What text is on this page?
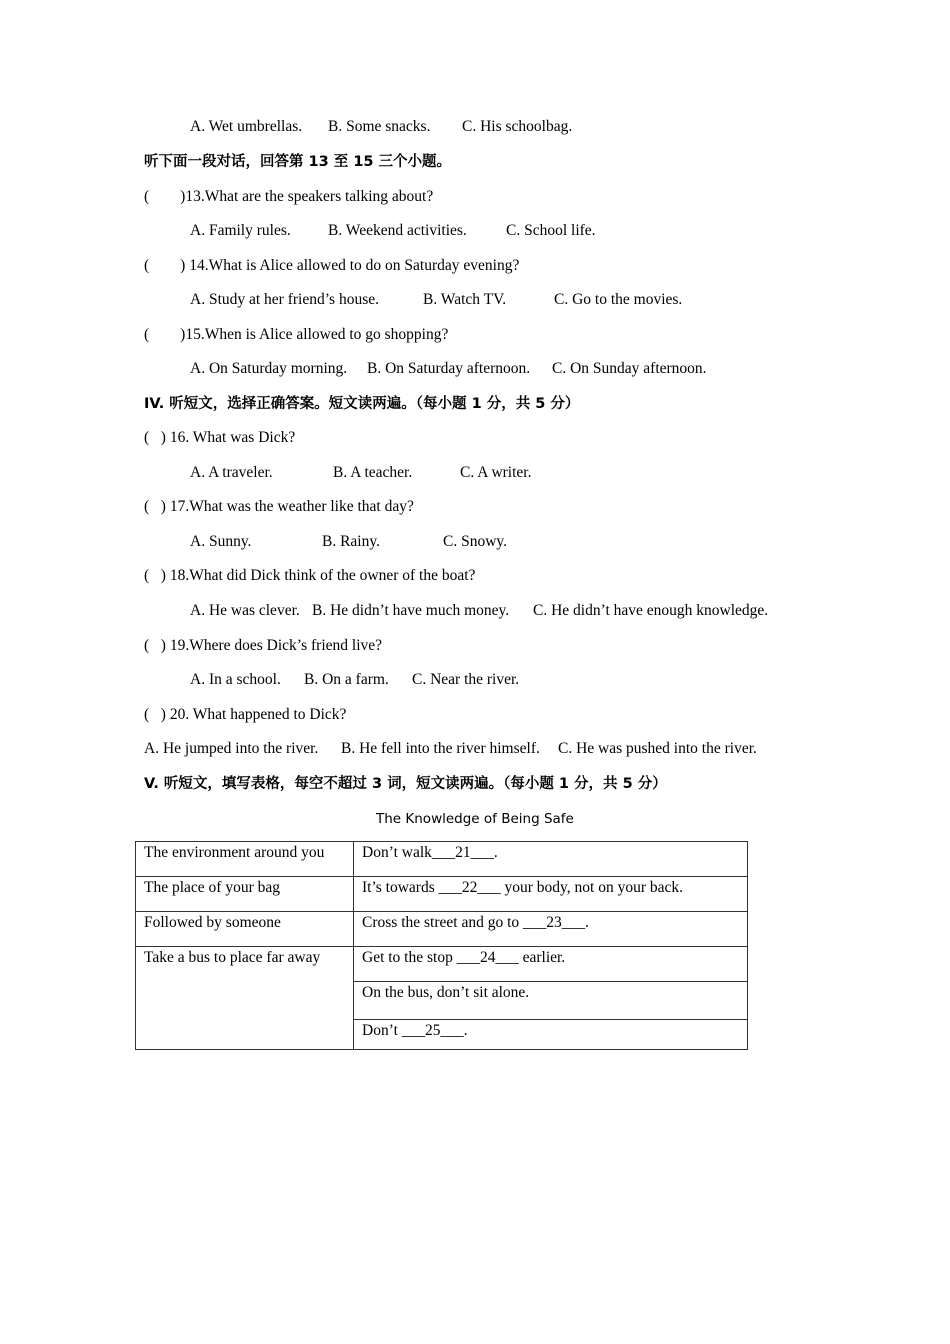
A. Wet umbrellas. B. Some snacks. C. His schoolbag.
听下面一段对话，回答第 13 至 15 三个小题。
(        )13.What are the speakers talking about?
A. Family rules. B. Weekend activities.	C. School life.
(        ) 14.What is Alice allowed to do on Saturday evening?
A. Study at her friend’s house.	B. Watch TV.	C. Go to the movies.
(        )15.When is Alice allowed to go shopping?
A. On Saturday morning. B. On Saturday afternoon. C. On Sunday afternoon.
IV. 听短文，选择正确答案。短文读两遍。（每小题 1 分，共 5 分）
(   ) 16. What was Dick?
A. A traveler.	B. A teacher.	C. A writer.
(   ) 17.What was the weather like that day?
A. Sunny.	B. Rainy.	C. Snowy.
(   ) 18.What did Dick think of the owner of the boat?
A. He was clever. B. He didn’t have much money. C. He didn’t have enough knowledge.
(   ) 19.Where does Dick’s friend live?
A. In a school. B. On a farm. C. Near the river.
(   ) 20. What happened to Dick?
A. He jumped into the river. B. He fell into the river himself. C. He was pushed into the river.
V. 听短文，填写表格，每空不超过 3 词，短文读两遍。（每小题 1 分，共 5 分）
The Knowledge of Being Safe
The environment around you	Don’t walk___21___.
The place of your bag	It’s towards ___22___ your body, not on your back.
Followed by someone	Cross the street and go to ___23___.
Take a bus to place far away	Get to the stop ___24___ earlier.
	On the bus, don’t sit alone.
	Don’t ___25___.
